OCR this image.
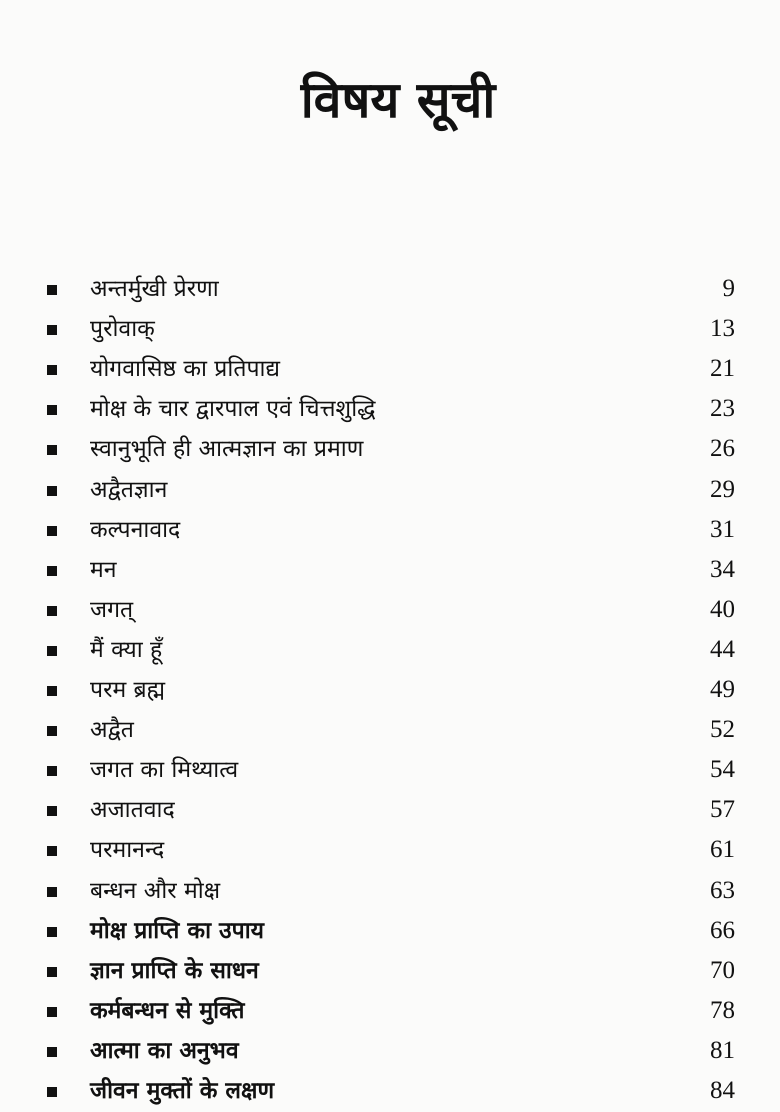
विषय सूची
अन्तर्मुखी प्रेरणा	9
पुरोवाक्	13
योगवासिष्ठ का प्रतिपाद्य	21
मोक्ष के चार द्वारपाल एवं चित्तशुद्धि	23
स्वानुभूति ही आत्मज्ञान का प्रमाण	26
अद्वैतज्ञान	29
कल्पनावाद	31
मन	34
जगत्	40
मैं क्या हूँ	44
परम ब्रह्म	49
अद्वैत	52
जगत का मिथ्यात्व	54
अजातवाद	57
परमानन्द	61
बन्धन और मोक्ष	63
मोक्ष प्राप्ति का उपाय	66
ज्ञान प्राप्ति के साधन	70
कर्मबन्धन से मुक्ति	78
आत्मा का अनुभव	81
जीवन मुक्तों के लक्षण	84
